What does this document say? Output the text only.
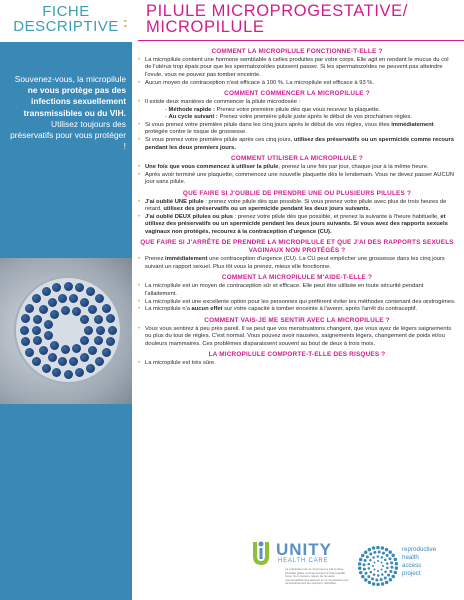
FICHE
DESCRIPTIVE :
PILULE MICROPROGESTATIVE/
MICROPILULE
Souvenez-vous, la micropilule ne vous protège pas des infections sexuellement transmissibles ou du VIH. Utilisez toujours des préservatifs pour vous protéger !
Février 2021 / www.reproductiveaccess.org
COMMENT LA MICROPILULE FONCTIONNE-T-ELLE ?
• La micropilule contient une hormone semblable à celles produites par votre corps. Elle agit en rendant le mucus du col de l'utérus trop épais pour que les spermatozoïdes puissent passer. Si les spermatozoïdes ne peuvent pas atteindre l'ovule, vous ne pouvez pas tomber enceinte.
• Aucun moyen de contraception n'est efficace à 100 %. La micropilule est efficace à 93 %.
COMMENT COMMENCER LA MICROPILULE ?
• Il existe deux manières de commencer la pilule microdosée :
- Méthode rapide : Prenez votre première pilule dès que vous recevez la plaquette.
- Au cycle suivant : Prenez votre première pilule juste après le début de vos prochaines règles.
• Si vous prenez votre première pilule dans les cinq jours après le début de vos règles, vous êtes immédiatement protégée contre le risque de grossesse.
• Si vous prenez votre première pilule après ces cinq jours, utilisez des préservatifs ou un spermicide comme recours pendant les deux premiers jours.
COMMENT UTILISER LA MICROPILULE ?
• Une fois que vous commencez à utiliser la pilule, prenez la une fois par jour, chaque jour à la même heure.
• Après avoir terminé une plaquette, commencez une nouvelle plaquette dès le lendemain. Vous ne devez passer AUCUN jour sans pilule.
QUE FAIRE SI J'OUBLIE DE PRENDRE UNE OU PLUSIEURS PILULES ?
• J'ai oublié UNE pilule : prenez votre pilule dès que possible. Si vous prenez votre pilule avec plus de trois heures de retard, utilisez des préservatifs ou un spermicide pendant les deux jours suivants.
• J'ai oublié DEUX pilules ou plus : prenez votre pilule dès que possible, et prenez la suivante à l'heure habituelle, et utilisez des préservatifs ou un spermicide pendant les deux jours suivants. Si vous avez des rapports sexuels vaginaux non protégés, recourez à la contraception d'urgence (CU).
QUE FAIRE SI J'ARRÊTE DE PRENDRE LA MICROPILULE ET QUE J'AI DES RAPPORTS SEXUELS VAGINAUX NON PROTÉGÉS ?
• Prenez immédiatement une contraception d'urgence (CU). La CU peut empêcher une grossesse dans les cinq jours suivant un rapport sexuel. Plus tôt vous la prenez, mieux elle fonctionne.
COMMENT LA MICROPILULE M'AIDE-T-ELLE ?
• La micropilule est un moyen de contraception sûr et efficace. Elle peut être utilisée en toute sécurité pendant l'allaitement.
• La micropilule est une excellente option pour les personnes qui préfèrent éviter les méthodes contenant des œstrogènes.
• La micropilule n'a aucun effet sur votre capacité à tomber enceinte à l'avenir, après l'arrêt du contraceptif.
COMMENT VAIS-JE ME SENTIR AVEC LA MICROPILULE ?
• Vous vous sentirez à peu près pareil. Il se peut que vos menstruations changent, que vous ayez de légers saignements ou plus du tout de règles. C'est normal. Vous pouvez avoir nausées, saignements légers, changement de poids et/ou douleurs mammaires. Ces problèmes disparaissent souvent au bout de deux à trois mois.
LA MICROPILULE COMPORTE-T-ELLE DES RISQUES ?
• La micropilule est très sûre.
UNITY
HEALTH CARE
La publication de ce document a été rendue possible grâce au financement d'Unity Health Care. Son contenu relève de la seule responsabilité des auteurs et ne représente pas nécessairement les opinions officielles.
reproductive
health
access
project
